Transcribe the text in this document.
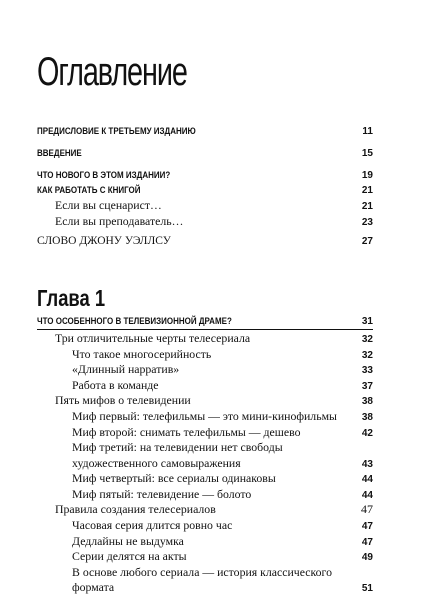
Оглавление
ПРЕДИСЛОВИЕ К ТРЕТЬЕМУ ИЗДАНИЮ	11
ВВЕДЕНИЕ	15
ЧТО НОВОГО В ЭТОМ ИЗДАНИИ?	19
КАК РАБОТАТЬ С КНИГОЙ	21
Если вы сценарист…	21
Если вы преподаватель…	23
СЛОВО ДЖОНУ УЭЛЛСУ	27
Глава 1
ЧТО ОСОБЕННОГО В ТЕЛЕВИЗИОННОЙ ДРАМЕ?	31
Три отличительные черты телесериала	32
Что такое многосерийность	32
«Длинный нарратив»	33
Работа в команде	37
Пять мифов о телевидении	38
Миф первый: телефильмы — это мини-кинофильмы 38
Миф второй: снимать телефильмы — дешево	42
Миф третий: на телевидении нет свободы
художественного самовыражения	43
Миф четвертый: все сериалы одинаковы	44
Миф пятый: телевидение — болото	44
Правила создания телесериалов	47
Часовая серия длится ровно час	47
Дедлайны не выдумка	47
Серии делятся на акты	49
В основе любого сериала — история классического
формата	51
